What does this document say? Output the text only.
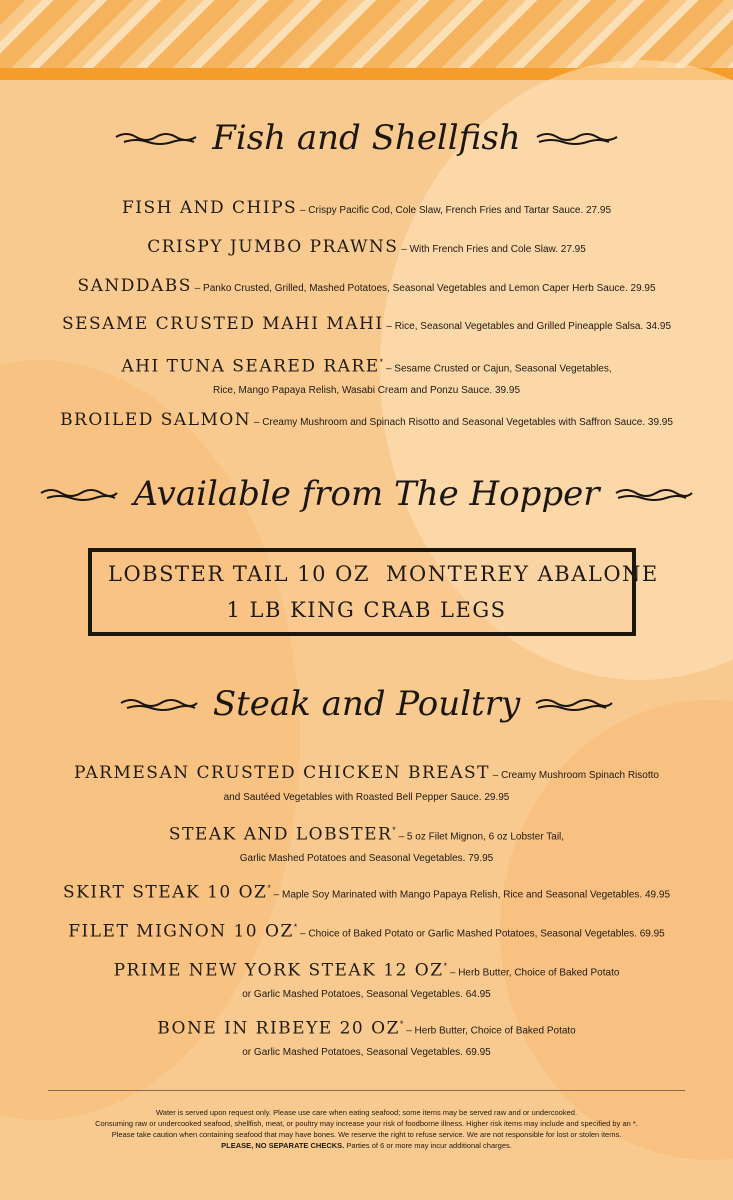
Fish and Shellfish
FISH AND CHIPS – Crispy Pacific Cod, Cole Slaw, French Fries and Tartar Sauce. 27.95
CRISPY JUMBO PRAWNS – With French Fries and Cole Slaw. 27.95
SANDDABS – Panko Crusted, Grilled, Mashed Potatoes, Seasonal Vegetables and Lemon Caper Herb Sauce. 29.95
SESAME CRUSTED MAHI MAHI – Rice, Seasonal Vegetables and Grilled Pineapple Salsa. 34.95
AHI TUNA SEARED RARE* – Sesame Crusted or Cajun, Seasonal Vegetables,
Rice, Mango Papaya Relish, Wasabi Cream and Ponzu Sauce. 39.95
BROILED SALMON – Creamy Mushroom and Spinach Risotto and Seasonal Vegetables with Saffron Sauce. 39.95
Available from The Hopper
LOBSTER TAIL 10 OZ MONTEREY ABALONE
1 LB KING CRAB LEGS
Steak and Poultry
PARMESAN CRUSTED CHICKEN BREAST – Creamy Mushroom Spinach Risotto
and Sautéed Vegetables with Roasted Bell Pepper Sauce. 29.95
STEAK AND LOBSTER* – 5 oz Filet Mignon, 6 oz Lobster Tail,
Garlic Mashed Potatoes and Seasonal Vegetables. 79.95
SKIRT STEAK 10 OZ* – Maple Soy Marinated with Mango Papaya Relish, Rice and Seasonal Vegetables. 49.95
FILET MIGNON 10 OZ* – Choice of Baked Potato or Garlic Mashed Potatoes, Seasonal Vegetables. 69.95
PRIME NEW YORK STEAK 12 OZ* – Herb Butter, Choice of Baked Potato
or Garlic Mashed Potatoes, Seasonal Vegetables. 64.95
BONE IN RIBEYE 20 OZ* – Herb Butter, Choice of Baked Potato
or Garlic Mashed Potatoes, Seasonal Vegetables. 69.95
Water is served upon request only. Please use care when eating seafood; some items may be served raw and or undercooked.
Consuming raw or undercooked seafood, shellfish, meat, or poultry may increase your risk of foodborne illness. Higher risk items may include and specified by an *.
Please take caution when containing seafood that may have bones. We reserve the right to refuse service. We are not responsible for lost or stolen items.
PLEASE, NO SEPARATE CHECKS. Parties of 6 or more may incur additional charges.
